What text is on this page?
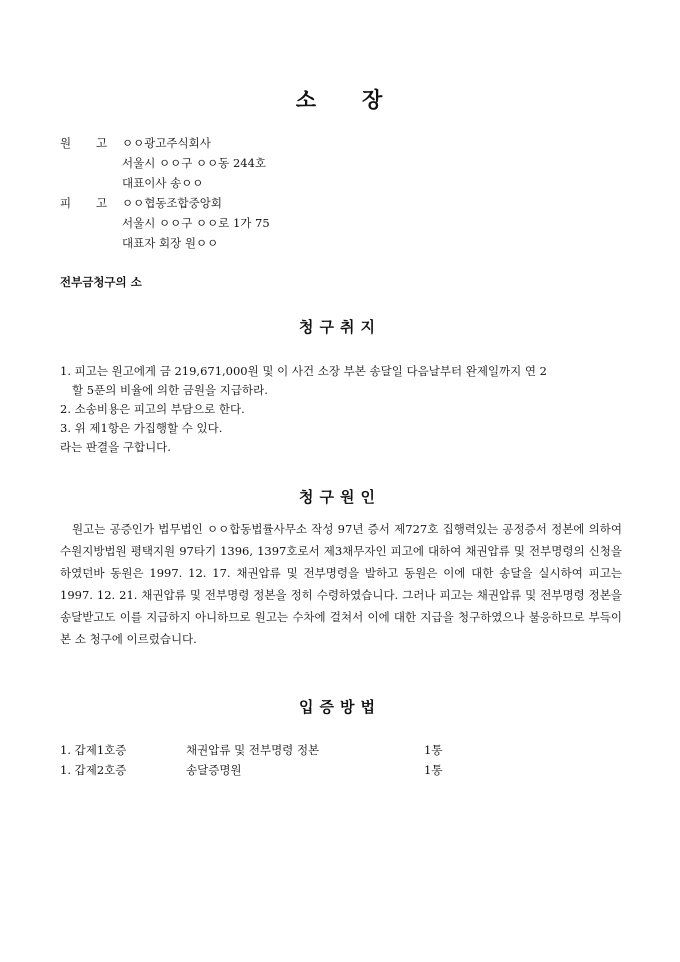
소 장
원 고 ㅇㅇ광고주식회사
서울시 ㅇㅇ구 ㅇㅇ동 244호
대표이사 송ㅇㅇ
피 고 ㅇㅇ협동조합중앙회
서울시 ㅇㅇ구 ㅇㅇ로 1가 75
대표자 회장 원ㅇㅇ
전부금청구의 소
청구취지

1. 피고는 원고에게 금 219,671,000원 및 이 사건 소장 부본 송달일 다음날부터 완제일까지 연 2

할 5푼의 비율에 의한 금원을 지급하라.

2. 소송비용은 피고의 부담으로 한다.

3. 위 제1항은 가집행할 수 있다.

라는 판결을 구합니다.

청구원인
원고는 공증인가 법무법인 ㅇㅇ합동법률사무소 작성 97년 증서 제727호 집행력있는 공정증서 정본에 의하여 수원지방법원 평택지원 97타기 1396, 1397호로서 제3채무자인 피고에 대하여 채권압류 및 전부명령의 신청을 하였던바 동원은 1997. 12. 17. 채권압류 및 전부명령을 발하고 동원은 이에 대한 송달을 실시하여 피고는 1997. 12. 21. 채권압류 및 전부명령 정본을 정히 수령하였습니다. 그러나 피고는 채권압류 및 전부명령 정본을 송달받고도 이를 지급하지 아니하므로 원고는 수차에 걸쳐서 이에 대한 지급을 청구하였으나 불응하므로 부득이 본 소 청구에 이르렀습니다.
입증방법
1. 갑제1호증	채권압류 및 전부명령 정본	1통
1. 갑제2호증	송달증명원	1통
